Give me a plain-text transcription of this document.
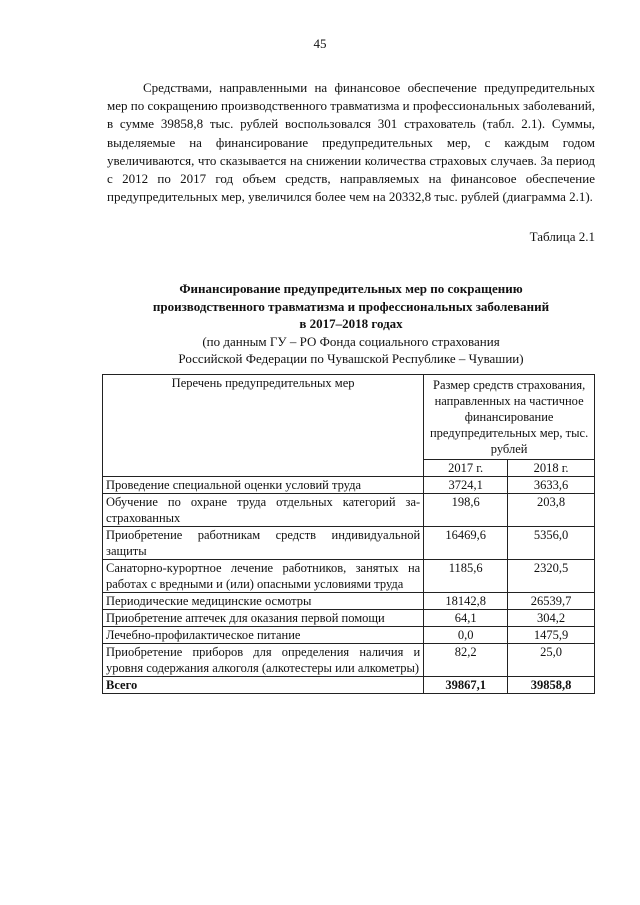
45

Средствами, направленными на финансовое обеспечение предупредительных мер по сокращению производственного травматизма и профессиональных заболеваний, в сумме 39858,8 тыс. рублей воспользовался 301 страхователь (табл. 2.1). Суммы, выделяемые на финансирование предупредительных мер, с каждым годом увеличиваются, что сказывается на снижении количества страховых случаев. За период с 2012 по 2017 год объем средств, направляемых на финансовое обеспечение предупредительных мер, увеличился более чем на 20332,8 тыс. рублей (диаграмма 2.1).

Таблица 2.1
Финансирование предупредительных мер по сокращению
производственного травматизма и профессиональных заболеваний
в 2017–2018 годах
(по данным ГУ – РО Фонда социального страхования
Российской Федерации по Чувашской Республике – Чувашии)
Перечень предупредительных мер	Размер средств страхования, направленных на частичное финансирование предупредительных мер, тыс. рублей	
	2017 г.	2018 г.
Проведение специальной оценки условий труда	3724,1	3633,6
Обучение по охране труда отдельных категорий застрахованных	198,6	203,8
Приобретение работникам средств индивидуальной защиты	16469,6	5356,0
Санаторно-курортное лечение работников, занятых на работах с вредными и (или) опасными условиями труда	1185,6	2320,5
Периодические медицинские осмотры	18142,8	26539,7
Приобретение аптечек для оказания первой помощи	64,1	304,2
Лечебно-профилактическое питание	0,0	1475,9
Приобретение приборов для определения наличия и уровня содержания алкоголя (алкотестеры или алкометры)	82,2	25,0
Всего	39867,1	39858,8
